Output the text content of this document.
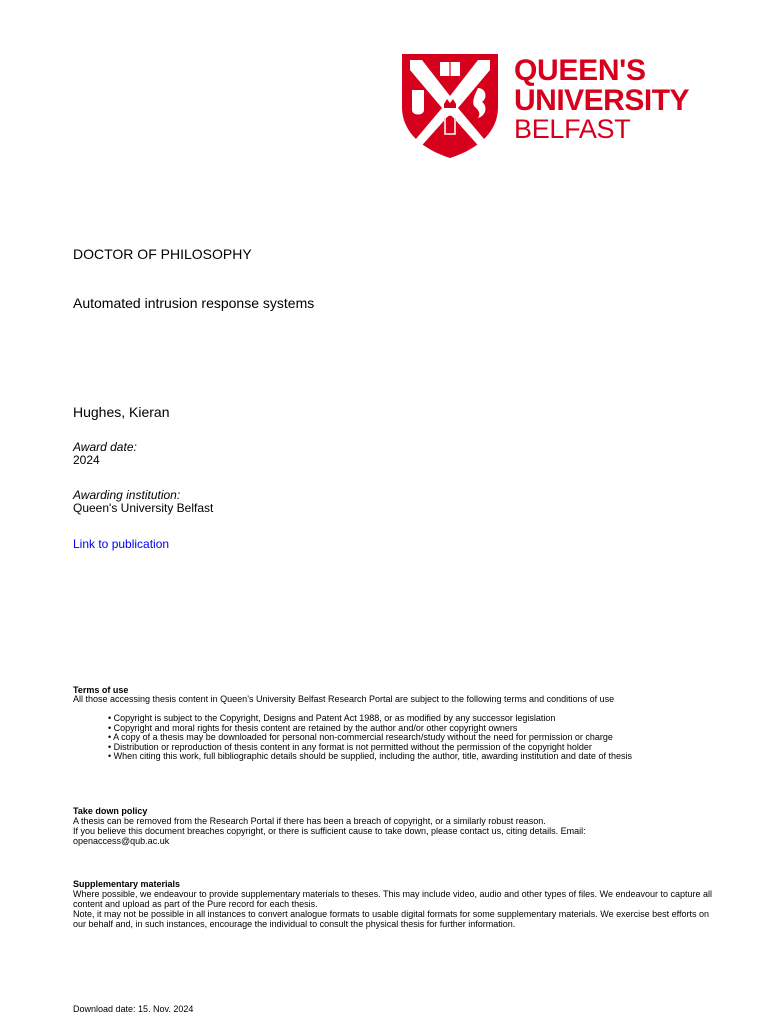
QUEEN'S
UNIVERSITY
BELFAST
DOCTOR OF PHILOSOPHY
Automated intrusion response systems
Hughes, Kieran
Award date:
2024
Awarding institution:
Queen's University Belfast
Link to publication
Terms of use
All those accessing thesis content in Queen’s University Belfast Research Portal are subject to the following terms and conditions of use
• Copyright is subject to the Copyright, Designs and Patent Act 1988, or as modified by any successor legislation
• Copyright and moral rights for thesis content are retained by the author and/or other copyright owners
• A copy of a thesis may be downloaded for personal non-commercial research/study without the need for permission or charge
• Distribution or reproduction of thesis content in any format is not permitted without the permission of the copyright holder
• When citing this work, full bibliographic details should be supplied, including the author, title, awarding institution and date of thesis
Take down policy
A thesis can be removed from the Research Portal if there has been a breach of copyright, or a similarly robust reason.
If you believe this document breaches copyright, or there is sufficient cause to take down, please contact us, citing details. Email:
openaccess@qub.ac.uk
Supplementary materials
Where possible, we endeavour to provide supplementary materials to theses. This may include video, audio and other types of files. We endeavour to capture all content and upload as part of the Pure record for each thesis.
Note, it may not be possible in all instances to convert analogue formats to usable digital formats for some supplementary materials. We exercise best efforts on our behalf and, in such instances, encourage the individual to consult the physical thesis for further information.
Download date: 15. Nov. 2024
